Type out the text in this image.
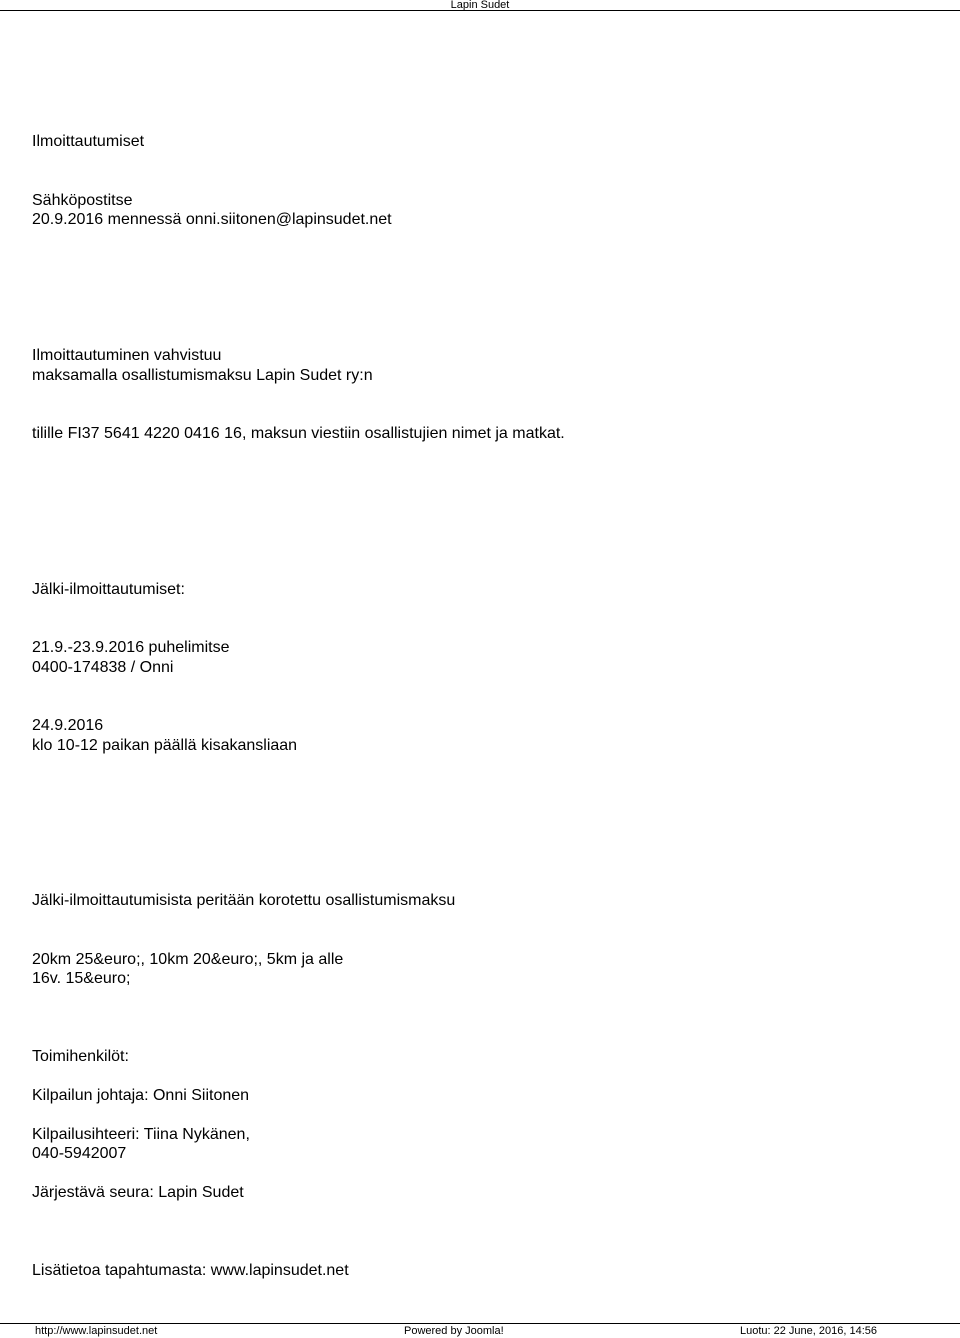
Lapin Sudet
Ilmoittautumiset
Sähköpostitse
20.9.2016 mennessä onni.siitonen@lapinsudet.net
Ilmoittautuminen vahvistuu
maksamalla osallistumismaksu Lapin Sudet ry:n
tilille FI37 5641 4220 0416 16, maksun viestiin osallistujien nimet ja matkat.
Jälki-ilmoittautumiset:
21.9.-23.9.2016 puhelimitse
0400-174838 / Onni
24.9.2016
klo 10-12 paikan päällä kisakansliaan
Jälki-ilmoittautumisista peritään korotettu osallistumismaksu
20km 25&euro;, 10km 20&euro;, 5km ja alle
16v. 15&euro;
Toimihenkilöt:
Kilpailun johtaja: Onni Siitonen
Kilpailusihteeri: Tiina Nykänen,
040-5942007
Järjestävä seura: Lapin Sudet
Lisätietoa tapahtumasta: www.lapinsudet.net
http://www.lapinsudet.net	Powered by Joomla!	Luotu: 22 June, 2016, 14:56
